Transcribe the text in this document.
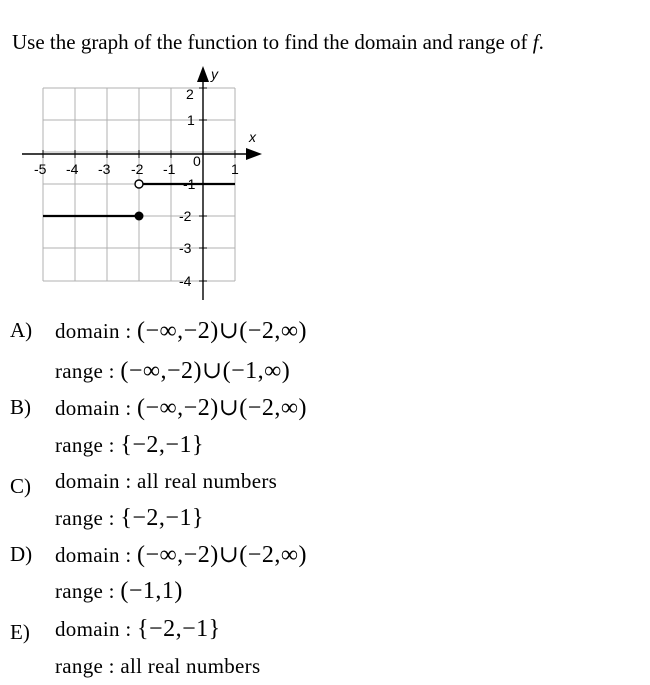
Use the graph of the function to find the domain and range of f.
y
x
-5 -4 -3 -2 -1 0 1
2
1
-1
-2
-3
-4
A) domain : (−∞,−2)∪(−2,∞)
range : (−∞,−2)∪(−1,∞)
B) domain : (−∞,−2)∪(−2,∞)
range : {−2,−1}
C) domain : all real numbers
range : {−2,−1}
D) domain : (−∞,−2)∪(−2,∞)
range : (−1,1)
E) domain : {−2,−1}
range : all real numbers
